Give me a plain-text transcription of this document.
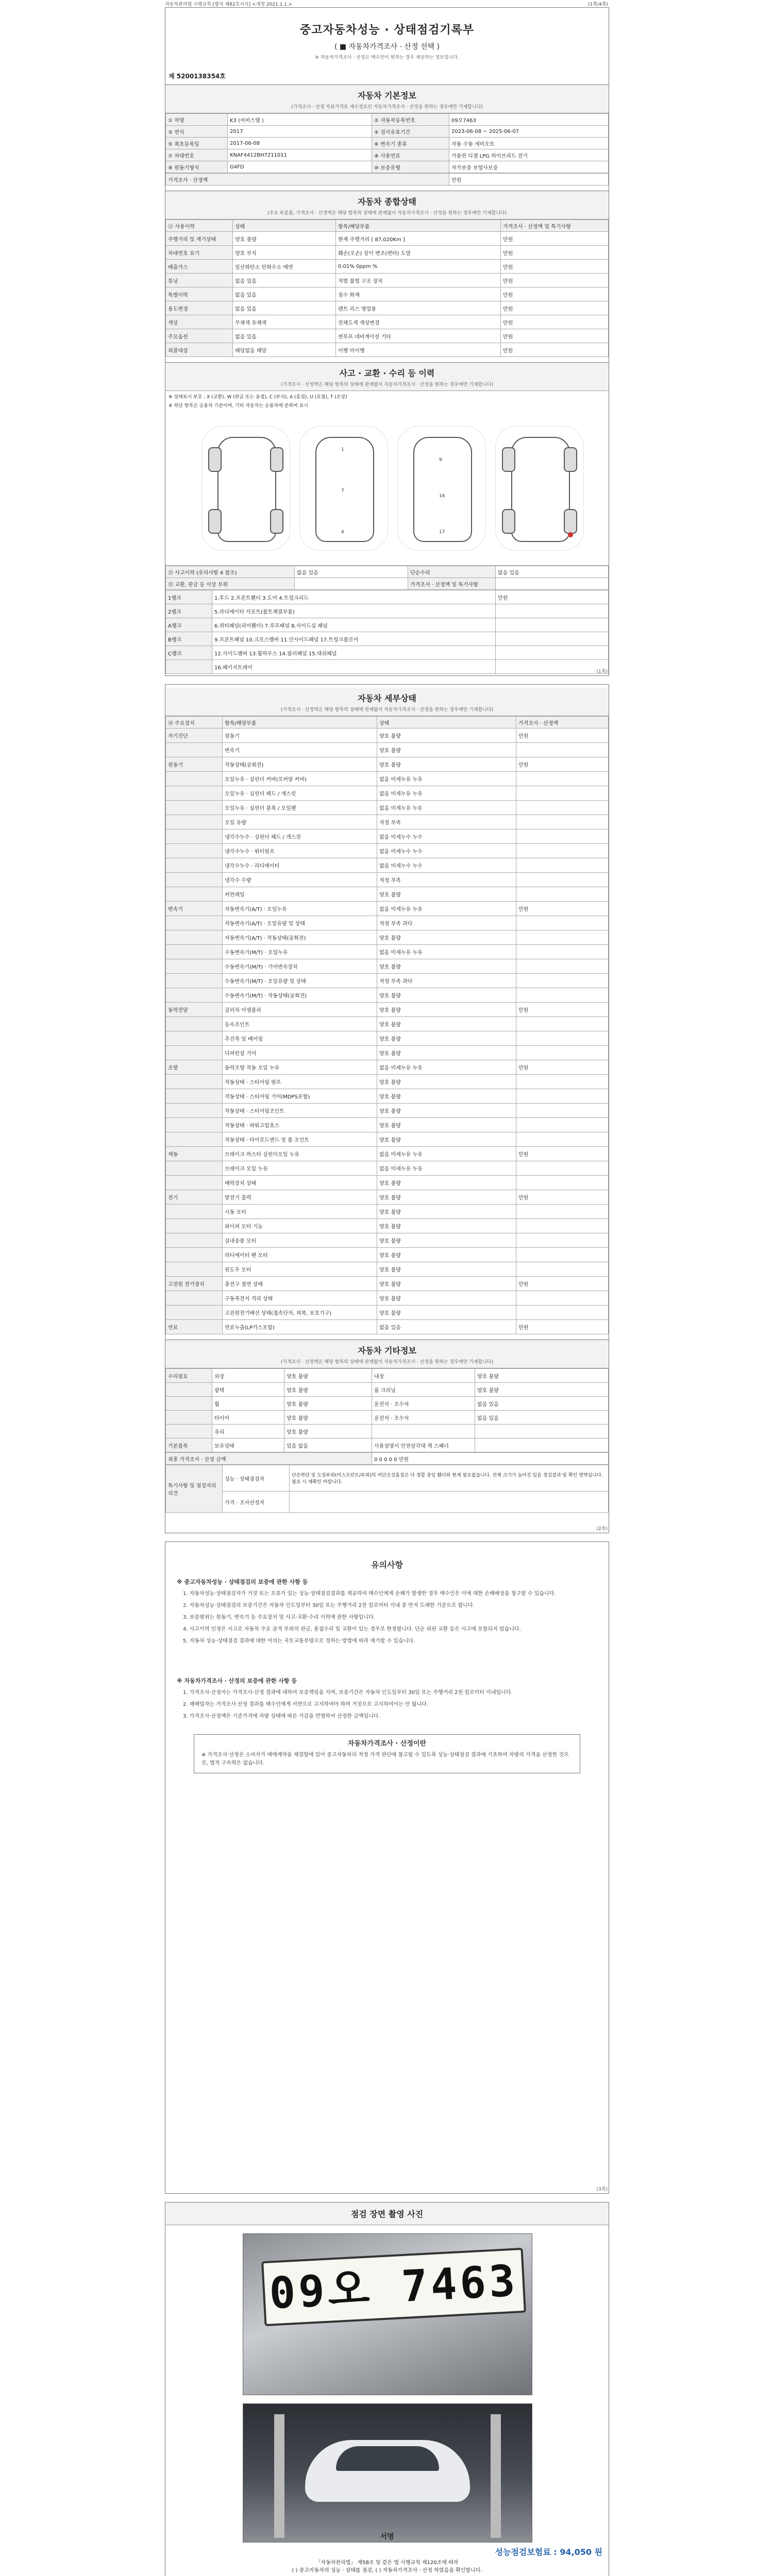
자동차관리법 시행규칙 [별지 제82호서식] <개정 2021.1.1.>	(1쪽/4쪽)
중고자동차성능 · 상태점검기록부
( ■ 자동차가격조사 · 산정 선택 )
※ 자동차가격조사 · 산정은 매수인이 원하는 경우 제공하는 정보입니다.
제 5200138354호
자동차 기본정보
(가격조사 · 산정 자료가격표 제수정요인 자동차가격조사 · 산정을 원하는 경우에만 기재합니다)
① 차명	K3 (씨버스텔 )	② 자동차등록번호	09오7463
③ 연식	2017	④ 검사유효기간	2023-06-08 ~ 2025-06-07
⑤ 최초등록일	2017-06-08	⑥ 변속기 종류	자동 수동 세미오토
⑦ 차대번호	KNAF4412BH7211011	⑧ 사용연료	가솔린 디젤 LPG 하이브리드 전기
⑨ 원동기형식	G4FD	⑩ 보증유형	자가보증 보험사보증
가격조사 · 산정액	만원
자동차 종합상태
(주요 부분품, 가격조사 · 산정액은 해당 항목의 상태에 관계없이 자동차가격조사 · 산정을 원하는 경우에만 기재합니다)
⑪ 사용이력	상태	항목/해당부품	가격조사 · 산정액 및 특기사항
주행거리 및 계기상태	양호 불량	현재 주행거리 [ 87,020Km ]	만원
차대번호 표기	양호 부식	훼손(오손) 상이 변조(변타) 도말	만원
배출가스	일산화탄소 탄화수소 매연	0.01% 0ppm %	만원
튜닝	없음 있음	적법 불법 구조 장치	만원
특별이력	없음 있음	침수 화재	만원
용도변경	없음 있음	렌트 리스 영업용	만원
색상	무채색 유채색	전체도색 색상변경	만원
주요옵션	없음 있음	썬루프 네비게이션 기타	만원
리콜대상	해당없음 해당	이행 미이행	만원
사고 · 교환 · 수리 등 이력
(가격조사 · 산정액은 해당 항목의 상태에 관계없이 자동차가격조사 · 산정을 원하는 경우에만 기재합니다)
※ 상태표시 부호 : X (교환), W (판금 또는 용접), C (부식), A (흠집), U (요철), T (손상)
※ 하단 항목은 승용차 기준이며, 기타 자동차는 승용차에 준하여 표시
1
7
4
9
16
17
⑫ 사고이력 (유의사항 4 참조)	없음 있음	단순수리	없음 있음
⑬ 교환, 판금 등 이상 부위		가격조사 · 산정액 및 특기사항	
1랭크	1.후드 2.프론트휀더 3.도어 4.트렁크리드	만원
2랭크	5.라디에이터 서포트(볼트체결부품)	
A랭크	6.쿼터패널(리어휀더) 7.루프패널 8.사이드실 패널	
B랭크	9.프론트패널 10.크로스멤버 11.인사이드패널 17.트렁크플로어	
C랭크	12.사이드멤버 13.휠하우스 14.필러패널 15.대쉬패널	
	16.패키지트레이	
(1쪽)
자동차 세부상태
(가격조사 · 산정액은 해당 항목의 상태에 관계없이 자동차가격조사 · 산정을 원하는 경우에만 기재합니다)
⑭ 주요장치	항목/해당부품	상태	가격조사 · 산정액
자기진단	원동기	양호 불량	만원
	변속기	양호 불량	
원동기	작동상태(공회전)	양호 불량	만원
	오일누유 · 실린더 커버(로커암 커버)	없음 미세누유 누유	
	오일누유 · 실린더 헤드 / 개스킷	없음 미세누유 누유	
	오일누유 · 실린더 블록 / 오일팬	없음 미세누유 누유	
	오일 유량	적정 부족	
	냉각수누수 · 실린더 헤드 / 개스킷	없음 미세누수 누수	
	냉각수누수 · 워터펌프	없음 미세누수 누수	
	냉각수누수 · 라디에이터	없음 미세누수 누수	
	냉각수 수량	적정 부족	
	커먼레일	양호 불량	
변속기	자동변속기(A/T) · 오일누유	없음 미세누유 누유	만원
	자동변속기(A/T) · 오일유량 및 상태	적정 부족 과다	
	자동변속기(A/T) · 작동상태(공회전)	양호 불량	
	수동변속기(M/T) · 오일누유	없음 미세누유 누유	
	수동변속기(M/T) · 기어변속장치	양호 불량	
	수동변속기(M/T) · 오일유량 및 상태	적정 부족 과다	
	수동변속기(M/T) · 작동상태(공회전)	양호 불량	
동력전달	클러치 어셈블리	양호 불량	만원
	등속조인트	양호 불량	
	추진축 및 베어링	양호 불량	
	디퍼런셜 기어	양호 불량	
조향	동력조향 작동 오일 누유	없음 미세누유 누유	만원
	작동상태 · 스티어링 펌프	양호 불량	
	작동상태 · 스티어링 기어(MDPS포함)	양호 불량	
	작동상태 · 스티어링조인트	양호 불량	
	작동상태 · 파워고압호스	양호 불량	
	작동상태 · 타이로드엔드 및 볼 조인트	양호 불량	
제동	브레이크 마스터 실린더오일 누유	없음 미세누유 누유	만원
	브레이크 오일 누유	없음 미세누유 누유	
	배력장치 상태	양호 불량	
전기	발전기 출력	양호 불량	만원
	시동 모터	양호 불량	
	와이퍼 모터 기능	양호 불량	
	실내송풍 모터	양호 불량	
	라디에이터 팬 모터	양호 불량	
	윈도우 모터	양호 불량	
고전원 전기장치	충전구 절연 상태	양호 불량	만원
	구동축전지 격리 상태	양호 불량	
	고전원전기배선 상태(접속단자, 피복, 보호기구)	양호 불량	
연료	연료누출(LP가스포함)	없음 있음	만원
자동차 기타정보
(가격조사 · 산정액은 해당 항목의 상태에 관계없이 자동차가격조사 · 산정을 원하는 경우에만 기재합니다)
수리필요	외장	양호 불량	내장	양호 불량
	광택	양호 불량	룸 크리닝	양호 불량
	휠	양호 불량	운전석 · 조수석	없음 있음
	타이어	양호 불량	운전석 · 조수석	없음 있음
	유리	양호 불량		
기본품목	보유상태	있음 없음	사용설명서 안전삼각대 잭 스패너	
최종 가격조사 · 산정 금액	0 0 0 0 0 만원
특기사항 및 점검자의 의견	성능 · 상태점검자	단순하단 및 도장부위(미스프린트/부위)의 비단조성흠집은 다 접합 중임 휀더와 현재 필요없습니다. 전체 크기가 높아진 있음 정검결과 및 확인 영역입니다. 필요 시 재확인 바랍니다.
	가격 · 조사산정자	
(2쪽)
유의사항
※ 중고자동차성능 · 상태점검의 보증에 관한 사항 등

1. 자동차성능·상태점검자가 거짓 또는 오류가 있는 성능·상태점검결과를 제공하여 매수인에게 손해가 발생한 경우 매수인은 이에 대한 손해배상을 청구할 수 있습니다.

2. 자동차성능·상태점검의 보증기간은 자동차 인도일부터 30일 또는 주행거리 2천 킬로미터 이내 중 먼저 도래한 기준으로 합니다.

3. 보증범위는 원동기, 변속기 등 주요장치 및 사고·교환·수리 이력에 관한 사항입니다.

4. 사고이력 인정은 사고로 자동차 주요 골격 부위의 판금, 용접수리 및 교환이 있는 경우로 한정합니다. 단순 외판 교환 등은 사고에 포함되지 않습니다.

5. 자동차 성능·상태점검 결과에 대한 이의는 국토교통부령으로 정하는 방법에 따라 제기할 수 있습니다.

※ 자동차가격조사 · 산정의 보증에 관한 사항 등

1. 가격조사·산정자는 가격조사·산정 결과에 대하여 보증책임을 지며, 보증기간은 자동차 인도일부터 30일 또는 주행거리 2천 킬로미터 이내입니다.

2. 매매업자는 가격조사·산정 결과를 매수인에게 서면으로 고지하여야 하며 거짓으로 고지하여서는 안 됩니다.

3. 가격조사·산정액은 기준가격에 차량 상태에 따른 가감을 반영하여 산정한 금액입니다.

자동차가격조사 · 산정이란
※ 가격조사·산정은 소비자가 매매계약을 체결함에 있어 중고자동차의 적정 가격 판단에 참고할 수 있도록 성능·상태점검 결과에 기초하여 차량의 가격을 산정한 것으로, 법적 구속력은 없습니다.
(3쪽)
점검 장면 촬영 사진
09오 7463
서명
성능점검보험료 : 94,050 원
「자동차관리법」 제58조 및 같은 법 시행규칙 제120조에 따라
( ) 중고자동차의 성능 · 상태를 점검, ( ) 자동차가격조사 · 산정 하였음을 확인합니다.
